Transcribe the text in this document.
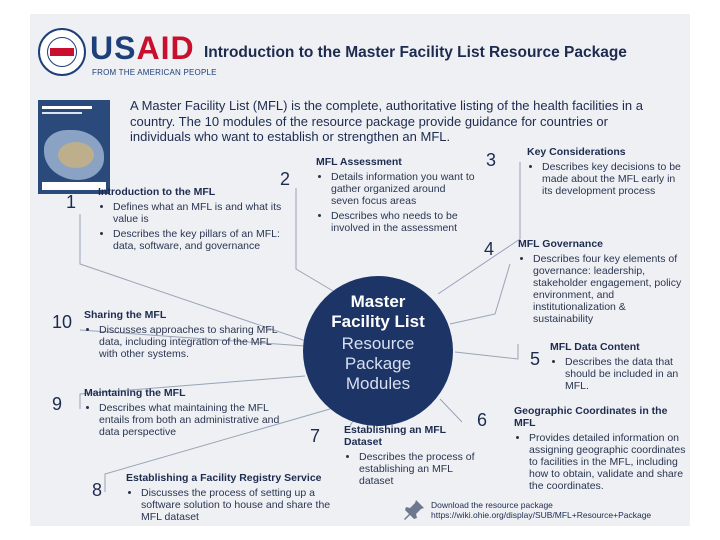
USAID
FROM THE AMERICAN PEOPLE
Introduction to the Master Facility List Resource Package
A Master Facility List (MFL) is the complete, authoritative listing of the health facilities in a country. The 10 modules of the resource package provide guidance for countries or individuals who want to establish or strengthen an MFL.
Master
Facility List
Resource
Package
Modules
1 Introduction to the MFL
• Defines what an MFL is and what its value is
• Describes the key pillars of an MFL: data, software, and governance
2
MFL Assessment
• Details information you want to gather organized around seven focus areas
• Describes who needs to be involved in the assessment
3	Key Considerations
• Describes key decisions to be made about the MFL early in its development process
4 MFL Governance
• Describes four key elements of governance: leadership, stakeholder engagement, policy environment, and institutionalization & sustainability
5
MFL Data Content
• Describes the data that should be included in an MFL.
6	Geographic Coordinates in the MFL
• Provides detailed information on assigning geographic coordinates to facilities in the MFL, including how to obtain, validate and share the coordinates.
7 Establishing an MFL Dataset
• Describes the process of establishing an MFL dataset
8
Establishing a Facility Registry Service
• Discusses the process of setting up a software solution to house and share the MFL dataset
9
Maintaining the MFL
• Describes what maintaining the MFL entails from both an administrative and data perspective
10 Sharing the MFL
• Discusses approaches to sharing MFL data, including integration of the MFL with other systems.
Download the resource package
https://wiki.ohie.org/display/SUB/MFL+Resource+Package
